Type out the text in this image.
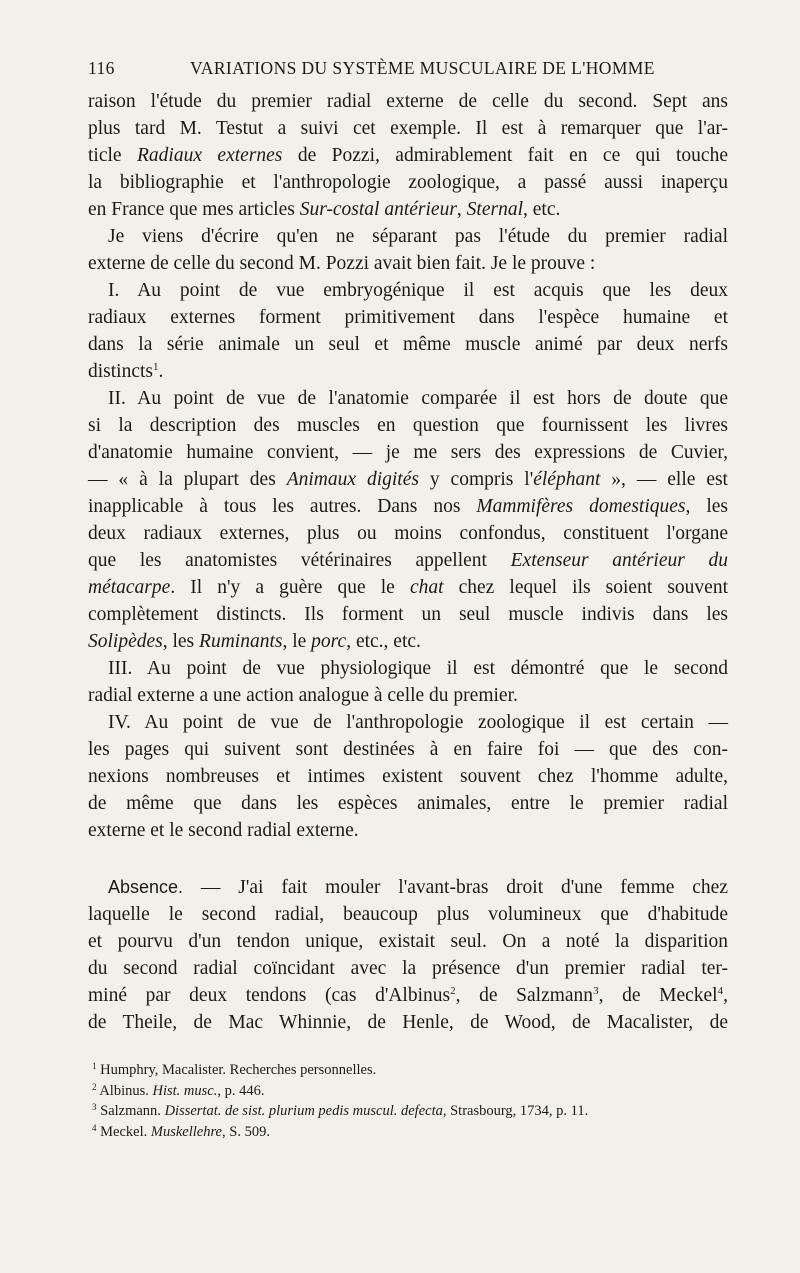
116	VARIATIONS DU SYSTÈME MUSCULAIRE DE L'HOMME
raison l'étude du premier radial externe de celle du second. Sept ans
plus tard M. Testut a suivi cet exemple. Il est à remarquer que l'ar-
ticle Radiaux externes de Pozzi, admirablement fait en ce qui touche
la bibliographie et l'anthropologie zoologique, a passé aussi inaperçu
en France que mes articles Sur-costal antérieur, Sternal, etc.
Je viens d'écrire qu'en ne séparant pas l'étude du premier radial
externe de celle du second M. Pozzi avait bien fait. Je le prouve :
I. Au point de vue embryogénique il est acquis que les deux
radiaux externes forment primitivement dans l'espèce humaine et
dans la série animale un seul et même muscle animé par deux nerfs
distincts$^1$.
II. Au point de vue de l'anatomie comparée il est hors de doute que
si la description des muscles en question que fournissent les livres
d'anatomie humaine convient, — je me sers des expressions de Cuvier,
— « à la plupart des Animaux digités y compris l'éléphant », — elle est
inapplicable à tous les autres. Dans nos Mammifères domestiques, les
deux radiaux externes, plus ou moins confondus, constituent l'organe
que les anatomistes vétérinaires appellent Extenseur antérieur du
métacarpe. Il n'y a guère que le chat chez lequel ils soient souvent
complètement distincts. Ils forment un seul muscle indivis dans les
Solipèdes, les Ruminants, le porc, etc., etc.
III. Au point de vue physiologique il est démontré que le second
radial externe a une action analogue à celle du premier.
IV. Au point de vue de l'anthropologie zoologique il est certain —
les pages qui suivent sont destinées à en faire foi — que des con-
nexions nombreuses et intimes existent souvent chez l'homme adulte,
de même que dans les espèces animales, entre le premier radial
externe et le second radial externe.
Absence. — J'ai fait mouler l'avant-bras droit d'une femme chez
laquelle le second radial, beaucoup plus volumineux que d'habitude
et pourvu d'un tendon unique, existait seul. On a noté la disparition
du second radial coïncidant avec la présence d'un premier radial ter-
miné par deux tendons (cas d'Albinus$^2$, de Salzmann$^3$, de Meckel$^4$,
de Theile, de Mac Whinnie, de Henle, de Wood, de Macalister, de
$^1$ Humphry, Macalister. Recherches personnelles.
$^2$ Albinus. Hist. musc., p. 446.
$^3$ Salzmann. Dissertat. de sist. plurium pedis muscul. defecta, Strasbourg, 1734, p. 11.
$^4$ Meckel. Muskellehre, S. 509.
